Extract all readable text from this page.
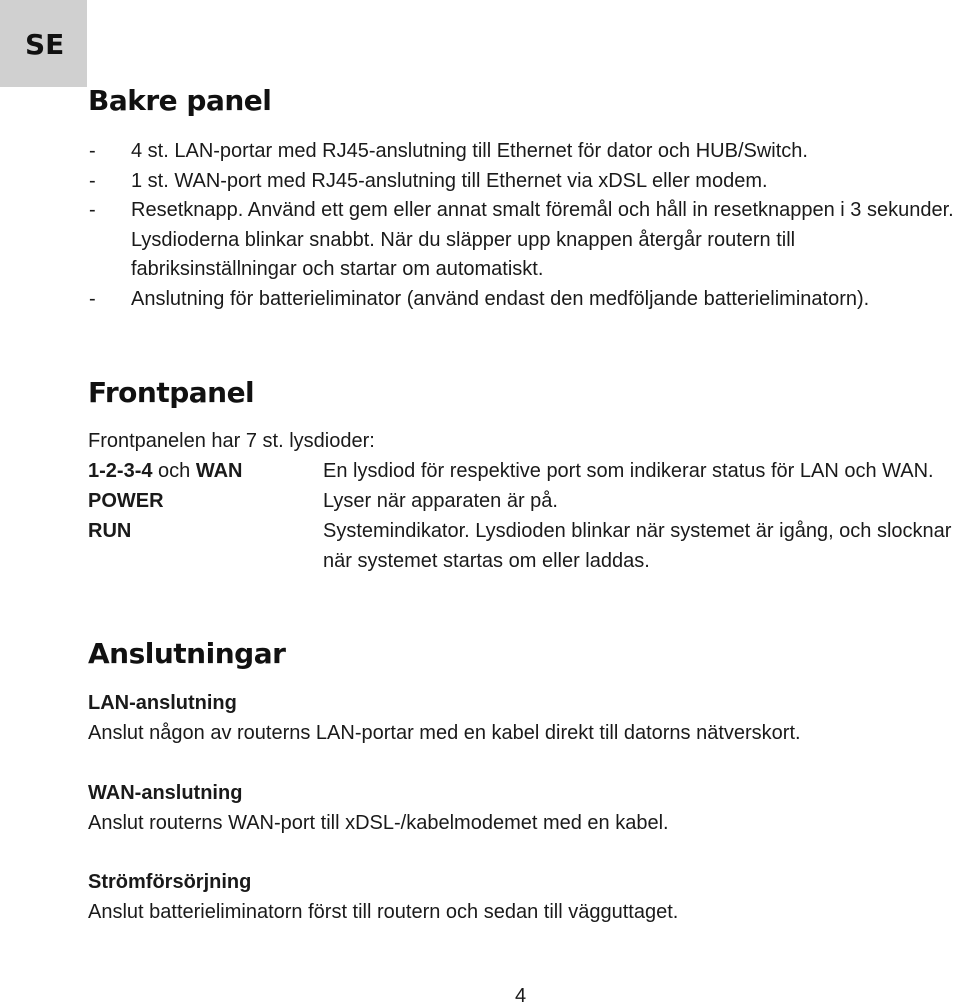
SE
Bakre panel
- 4 st. LAN-portar med RJ45-anslutning till Ethernet för dator och HUB/Switch.
- 1 st. WAN-port med RJ45-anslutning till Ethernet via xDSL eller modem.
- Resetknapp. Använd ett gem eller annat smalt föremål och håll in resetknappen i 3 sekunder. Lysdioderna blinkar snabbt. När du släpper upp knappen återgår routern till fabriksinställningar och startar om automatiskt.
- Anslutning för batterieliminator (använd endast den medföljande batterieliminatorn).
Frontpanel

Frontpanelen har 7 st. lysdioder:

1-2-3-4 och WAN	En lysdiod för respektive port som indikerar status för LAN och WAN.
POWER	Lyser när apparaten är på.
RUN	Systemindikator. Lysdioden blinkar när systemet är igång, och slocknar när systemet startas om eller laddas.
Anslutningar

LAN-anslutning

Anslut någon av routerns LAN-portar med en kabel direkt till datorns nätverskort.

WAN-anslutning

Anslut routerns WAN-port till xDSL-/kabelmodemet med en kabel.

Strömförsörjning

Anslut batterieliminatorn först till routern och sedan till vägguttaget.

4
